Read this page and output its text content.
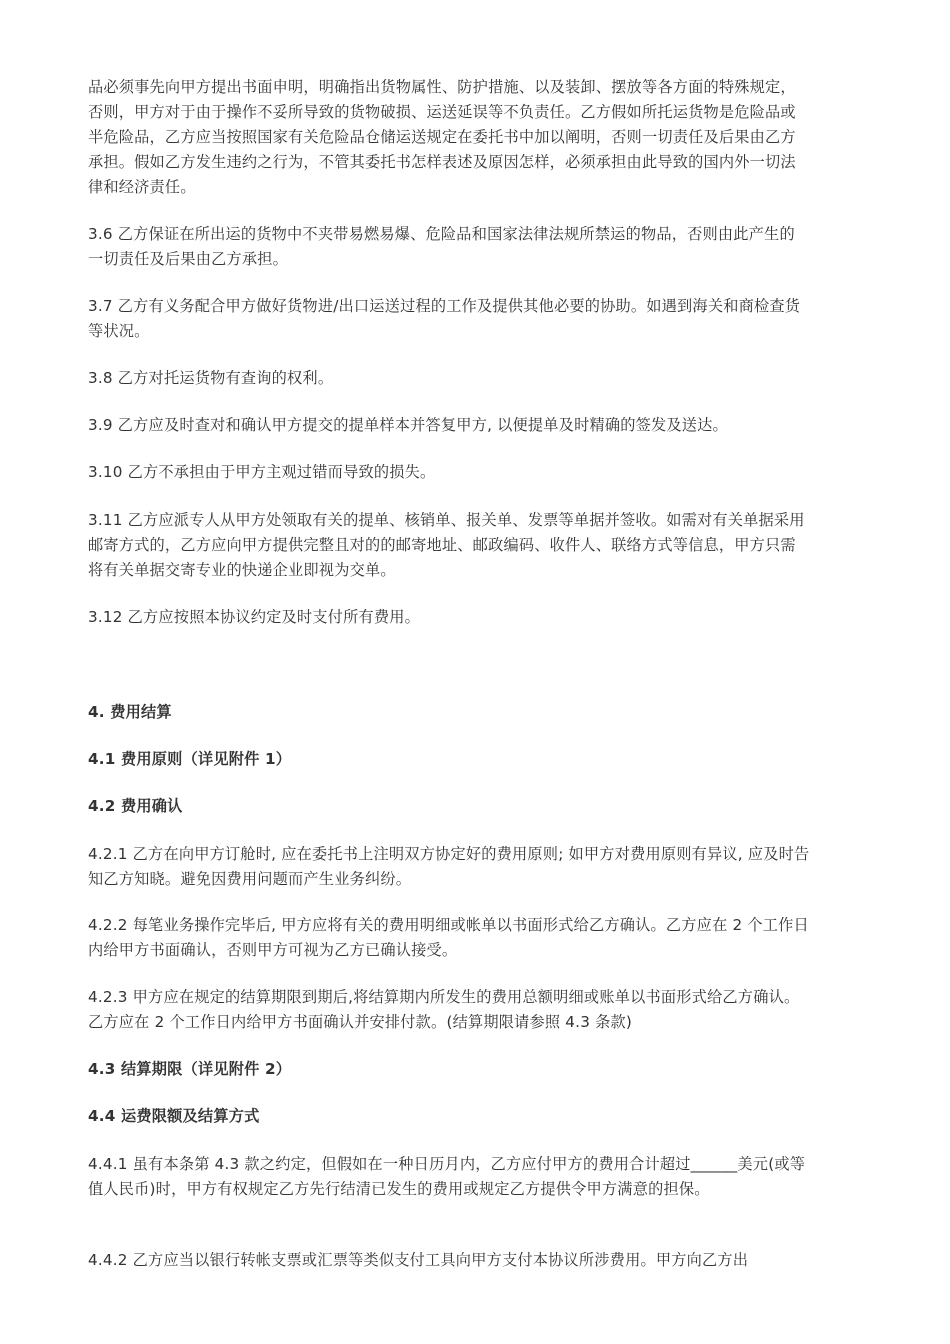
品必须事先向甲方提出书面申明，明确指出货物属性、防护措施、以及装卸、摆放等各方面的特殊规定，否则，甲方对于由于操作不妥所导致的货物破损、运送延误等不负责任。乙方假如所托运货物是危险品或半危险品，乙方应当按照国家有关危险品仓储运送规定在委托书中加以阐明，否则一切责任及后果由乙方承担。假如乙方发生违约之行为，不管其委托书怎样表述及原因怎样，必须承担由此导致的国内外一切法律和经济责任。

3.6 乙方保证在所出运的货物中不夹带易燃易爆、危险品和国家法律法规所禁运的物品，否则由此产生的一切责任及后果由乙方承担。

3.7 乙方有义务配合甲方做好货物进/出口运送过程的工作及提供其他必要的协助。如遇到海关和商检查货等状况。

3.8 乙方对托运货物有查询的权利。

3.9 乙方应及时查对和确认甲方提交的提单样本并答复甲方, 以便提单及时精确的签发及送达。

3.10 乙方不承担由于甲方主观过错而导致的损失。

3.11 乙方应派专人从甲方处领取有关的提单、核销单、报关单、发票等单据并签收。如需对有关单据采用邮寄方式的，乙方应向甲方提供完整且对的的邮寄地址、邮政编码、收件人、联络方式等信息，甲方只需将有关单据交寄专业的快递企业即视为交单。

3.12 乙方应按照本协议约定及时支付所有费用。

4. 费用结算

4.1 费用原则（详见附件 1）

4.2 费用确认

4.2.1 乙方在向甲方订舱时, 应在委托书上注明双方协定好的费用原则; 如甲方对费用原则有异议, 应及时告知乙方知晓。避免因费用问题而产生业务纠纷。

4.2.2 每笔业务操作完毕后, 甲方应将有关的费用明细或帐单以书面形式给乙方确认。乙方应在 2 个工作日内给甲方书面确认，否则甲方可视为乙方已确认接受。

4.2.3 甲方应在规定的结算期限到期后,将结算期内所发生的费用总额明细或账单以书面形式给乙方确认。乙方应在 2 个工作日内给甲方书面确认并安排付款。(结算期限请参照 4.3 条款)

4.3 结算期限（详见附件 2）

4.4 运费限额及结算方式

4.4.1 虽有本条第 4.3 款之约定，但假如在一种日历月内，乙方应付甲方的费用合计超过______美元(或等值人民币)时，甲方有权规定乙方先行结清已发生的费用或规定乙方提供令甲方满意的担保。

4.4.2 乙方应当以银行转帐支票或汇票等类似支付工具向甲方支付本协议所涉费用。甲方向乙方出
